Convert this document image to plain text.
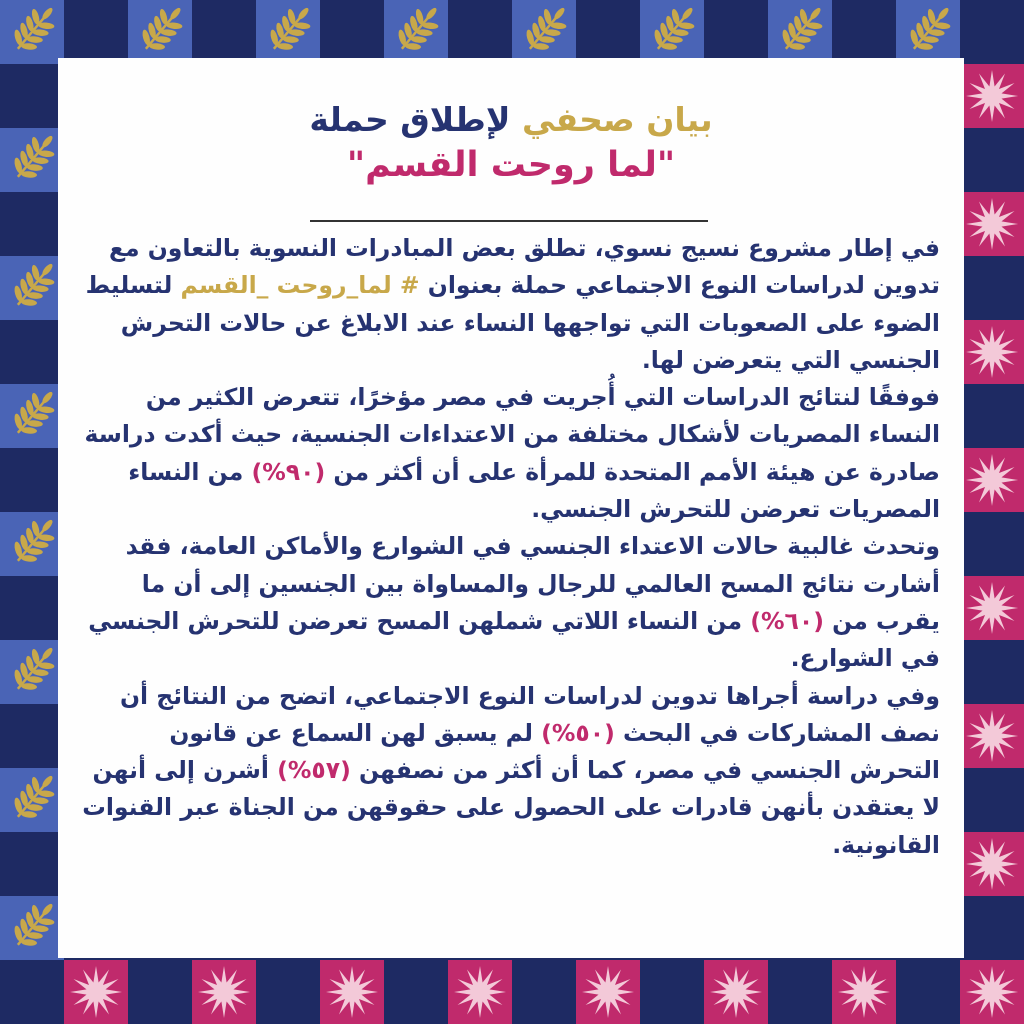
بيان صحفي لإطلاق حملة
"لما روحت القسم"

في إطار مشروع نسيج نسوي، تطلق بعض المبادرات النسوية بالتعاون مع تدوين لدراسات النوع الاجتماعي حملة بعنوان # لما_روحت _القسم لتسليط الضوء على الصعوبات التي تواجهها النساء عند الابلاغ عن حالات التحرش الجنسي التي يتعرضن لها.
فوفقًا لنتائج الدراسات التي أُجريت في مصر مؤخرًا، تتعرض الكثير من النساء المصريات لأشكال مختلفة من الاعتداءات الجنسية، حيث أكدت دراسة صادرة عن هيئة الأمم المتحدة للمرأة على أن أكثر من (٩٠%) من النساء المصريات تعرضن للتحرش الجنسي.
وتحدث غالبية حالات الاعتداء الجنسي في الشوارع والأماكن العامة، فقد أشارت نتائج المسح العالمي للرجال والمساواة بين الجنسين إلى أن ما يقرب من (٦٠%) من النساء اللاتي شملهن المسح تعرضن للتحرش الجنسي في الشوارع.
وفي دراسة أجراها تدوين لدراسات النوع الاجتماعي، اتضح من النتائج أن نصف المشاركات في البحث (٥٠%) لم يسبق لهن السماع عن قانون التحرش الجنسي في مصر، كما أن أكثر من نصفهن (٥٧%) أشرن إلى أنهن لا يعتقدن بأنهن قادرات على الحصول على حقوقهن من الجناة عبر القنوات القانونية.
